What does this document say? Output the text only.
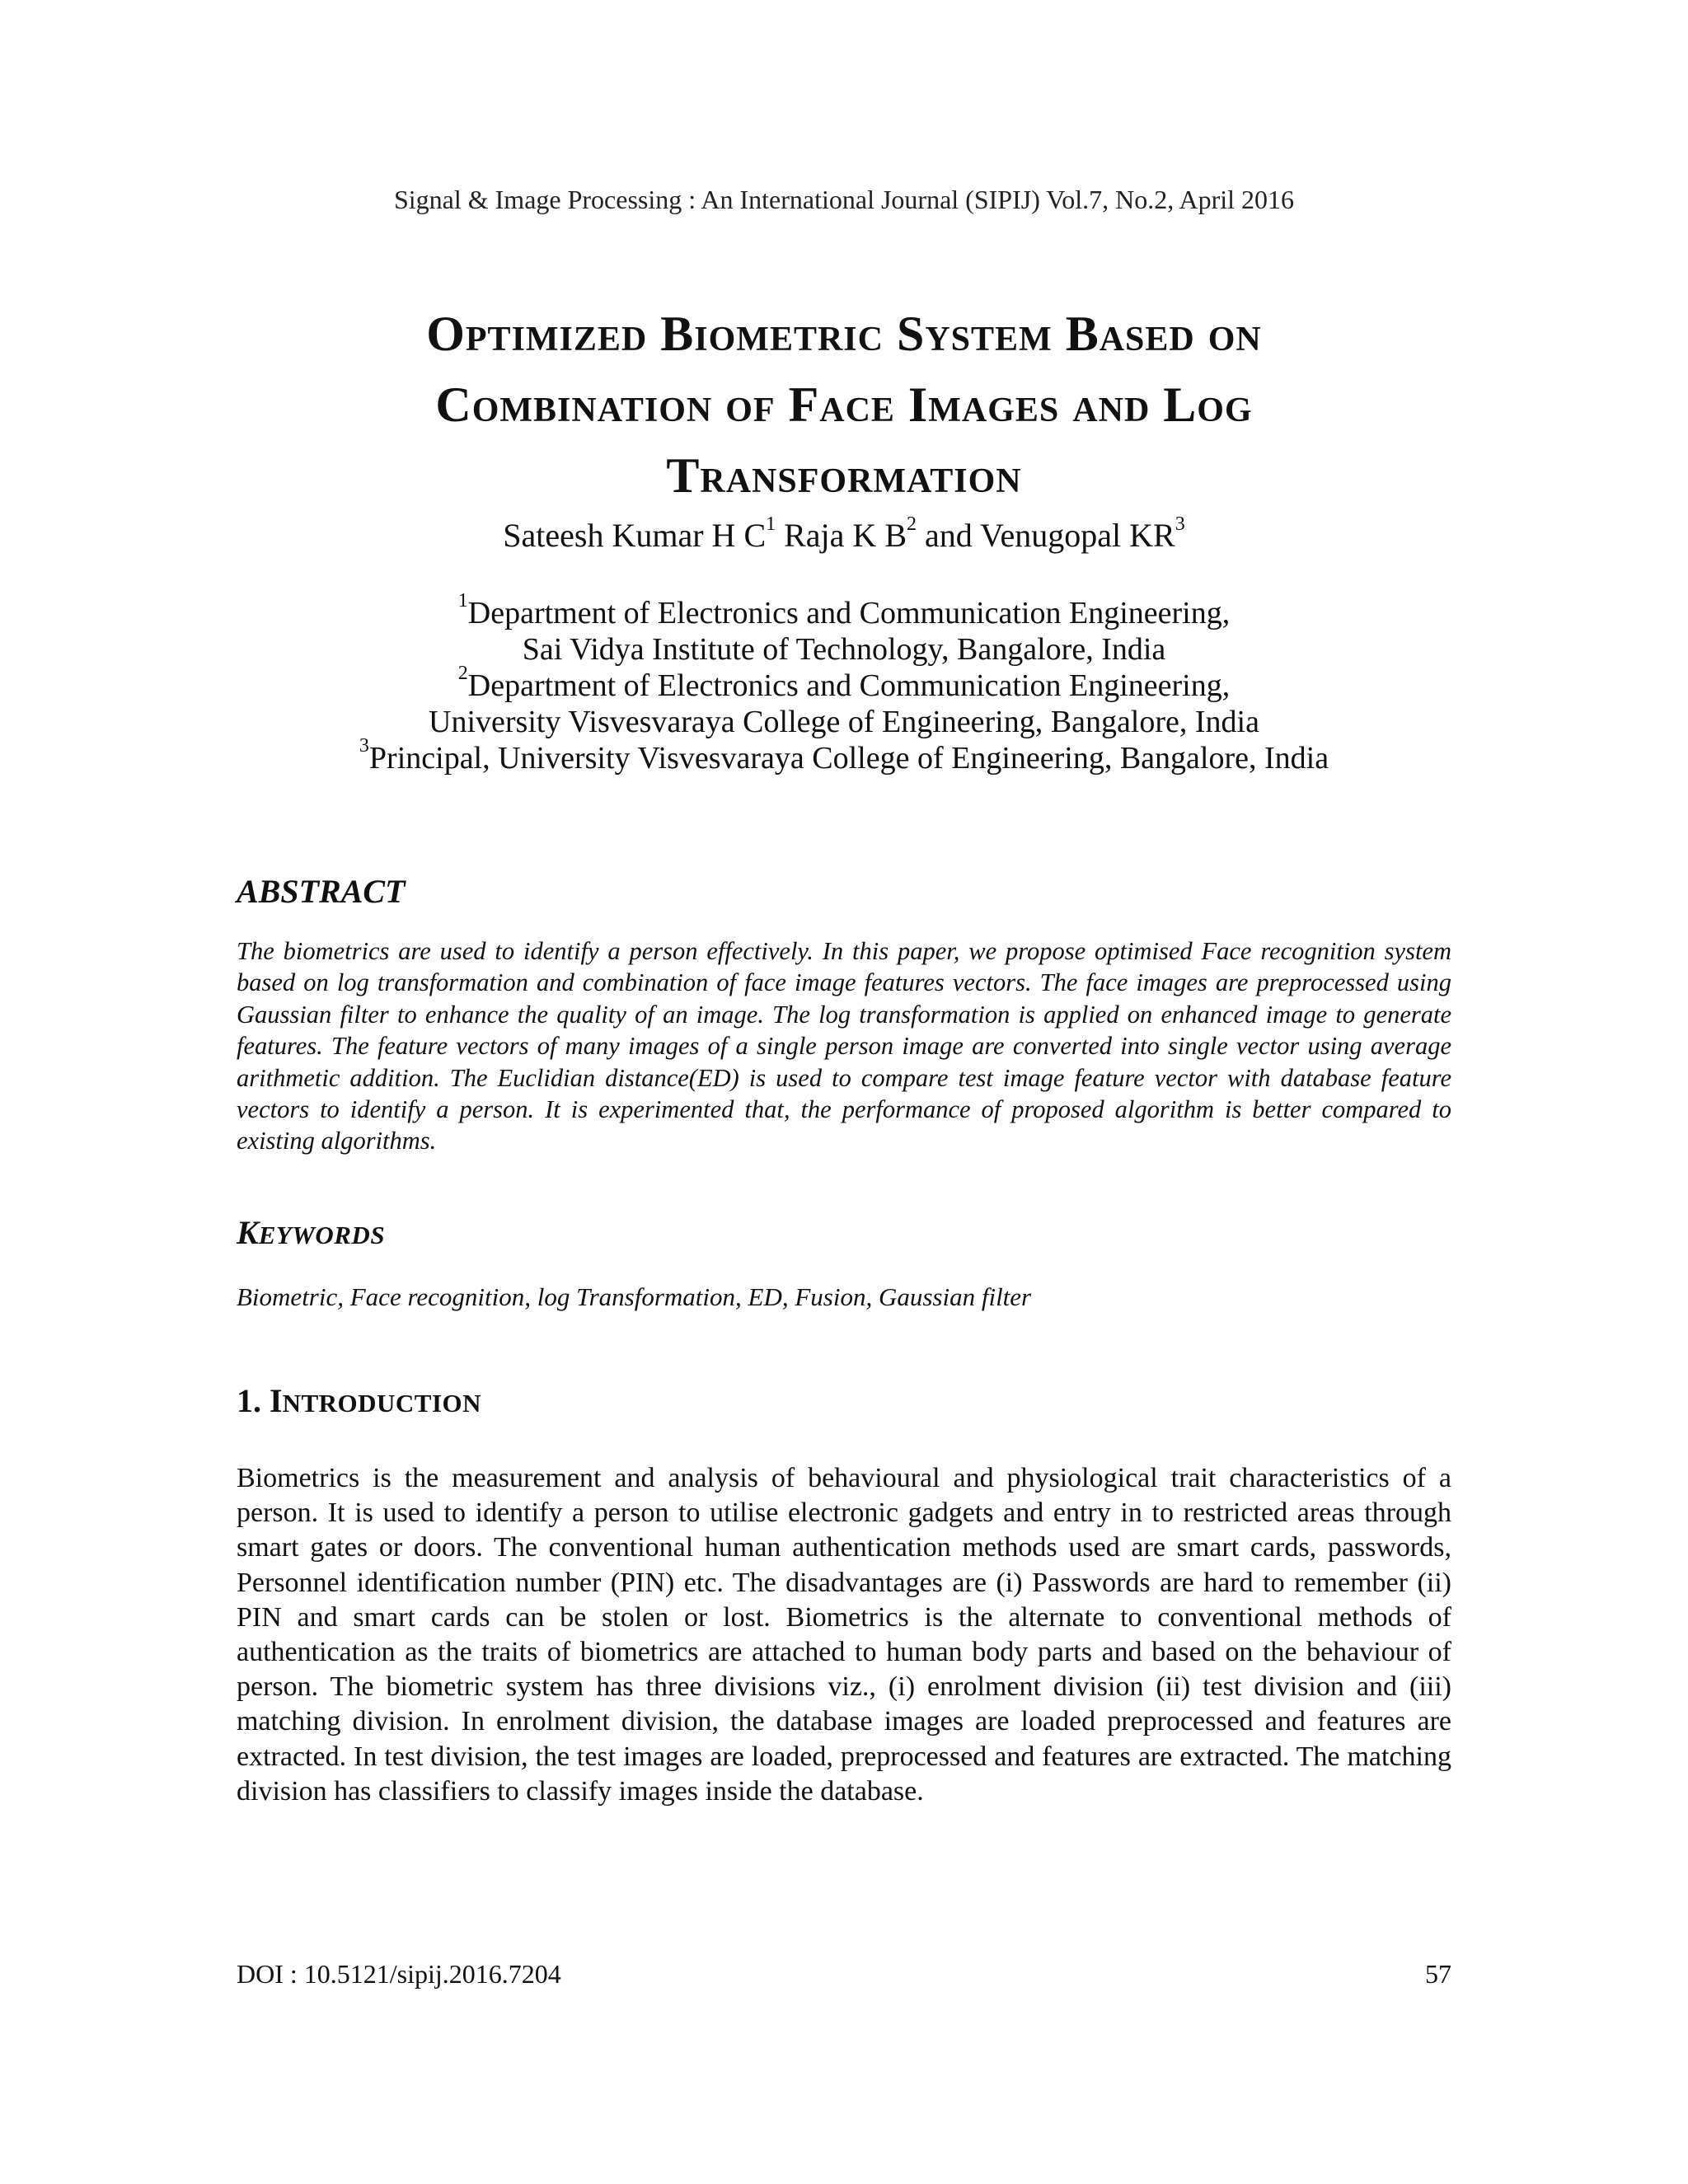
Signal & Image Processing : An International Journal (SIPIJ) Vol.7, No.2, April 2016
Optimized Biometric System Based on
Combination of Face Images and Log
Transformation
Sateesh Kumar H $C^1$ Raja K $B^2$ and Venugopal $KR^3$
$^1$Department of Electronics and Communication Engineering,
Sai Vidya Institute of Technology, Bangalore, India
$^2$Department of Electronics and Communication Engineering,
University Visvesvaraya College of Engineering, Bangalore, India
$^3$Principal, University Visvesvaraya College of Engineering, Bangalore, India
ABSTRACT
The biometrics are used to identify a person effectively. In this paper, we propose optimised Face recognition system based on log transformation and combination of face image features vectors. The face images are preprocessed using Gaussian filter to enhance the quality of an image. The log transformation is applied on enhanced image to generate features. The feature vectors of many images of a single person image are converted into single vector using average arithmetic addition. The Euclidian distance(ED) is used to compare test image feature vector with database feature vectors to identify a person. It is experimented that, the performance of proposed algorithm is better compared to existing algorithms.
KEYWORDS
Biometric, Face recognition, log Transformation, ED, Fusion, Gaussian filter
1. INTRODUCTION
Biometrics is the measurement and analysis of behavioural and physiological trait characteristics of a person. It is used to identify a person to utilise electronic gadgets and entry in to restricted areas through smart gates or doors. The conventional human authentication methods used are smart cards, passwords, Personnel identification number (PIN) etc. The disadvantages are (i) Passwords are hard to remember (ii) PIN and smart cards can be stolen or lost. Biometrics is the alternate to conventional methods of authentication as the traits of biometrics are attached to human body parts and based on the behaviour of person. The biometric system has three divisions viz., (i) enrolment division (ii) test division and (iii) matching division. In enrolment division, the database images are loaded preprocessed and features are extracted. In test division, the test images are loaded, preprocessed and features are extracted. The matching division has classifiers to classify images inside the database.
DOI : 10.5121/sipij.2016.7204	57
